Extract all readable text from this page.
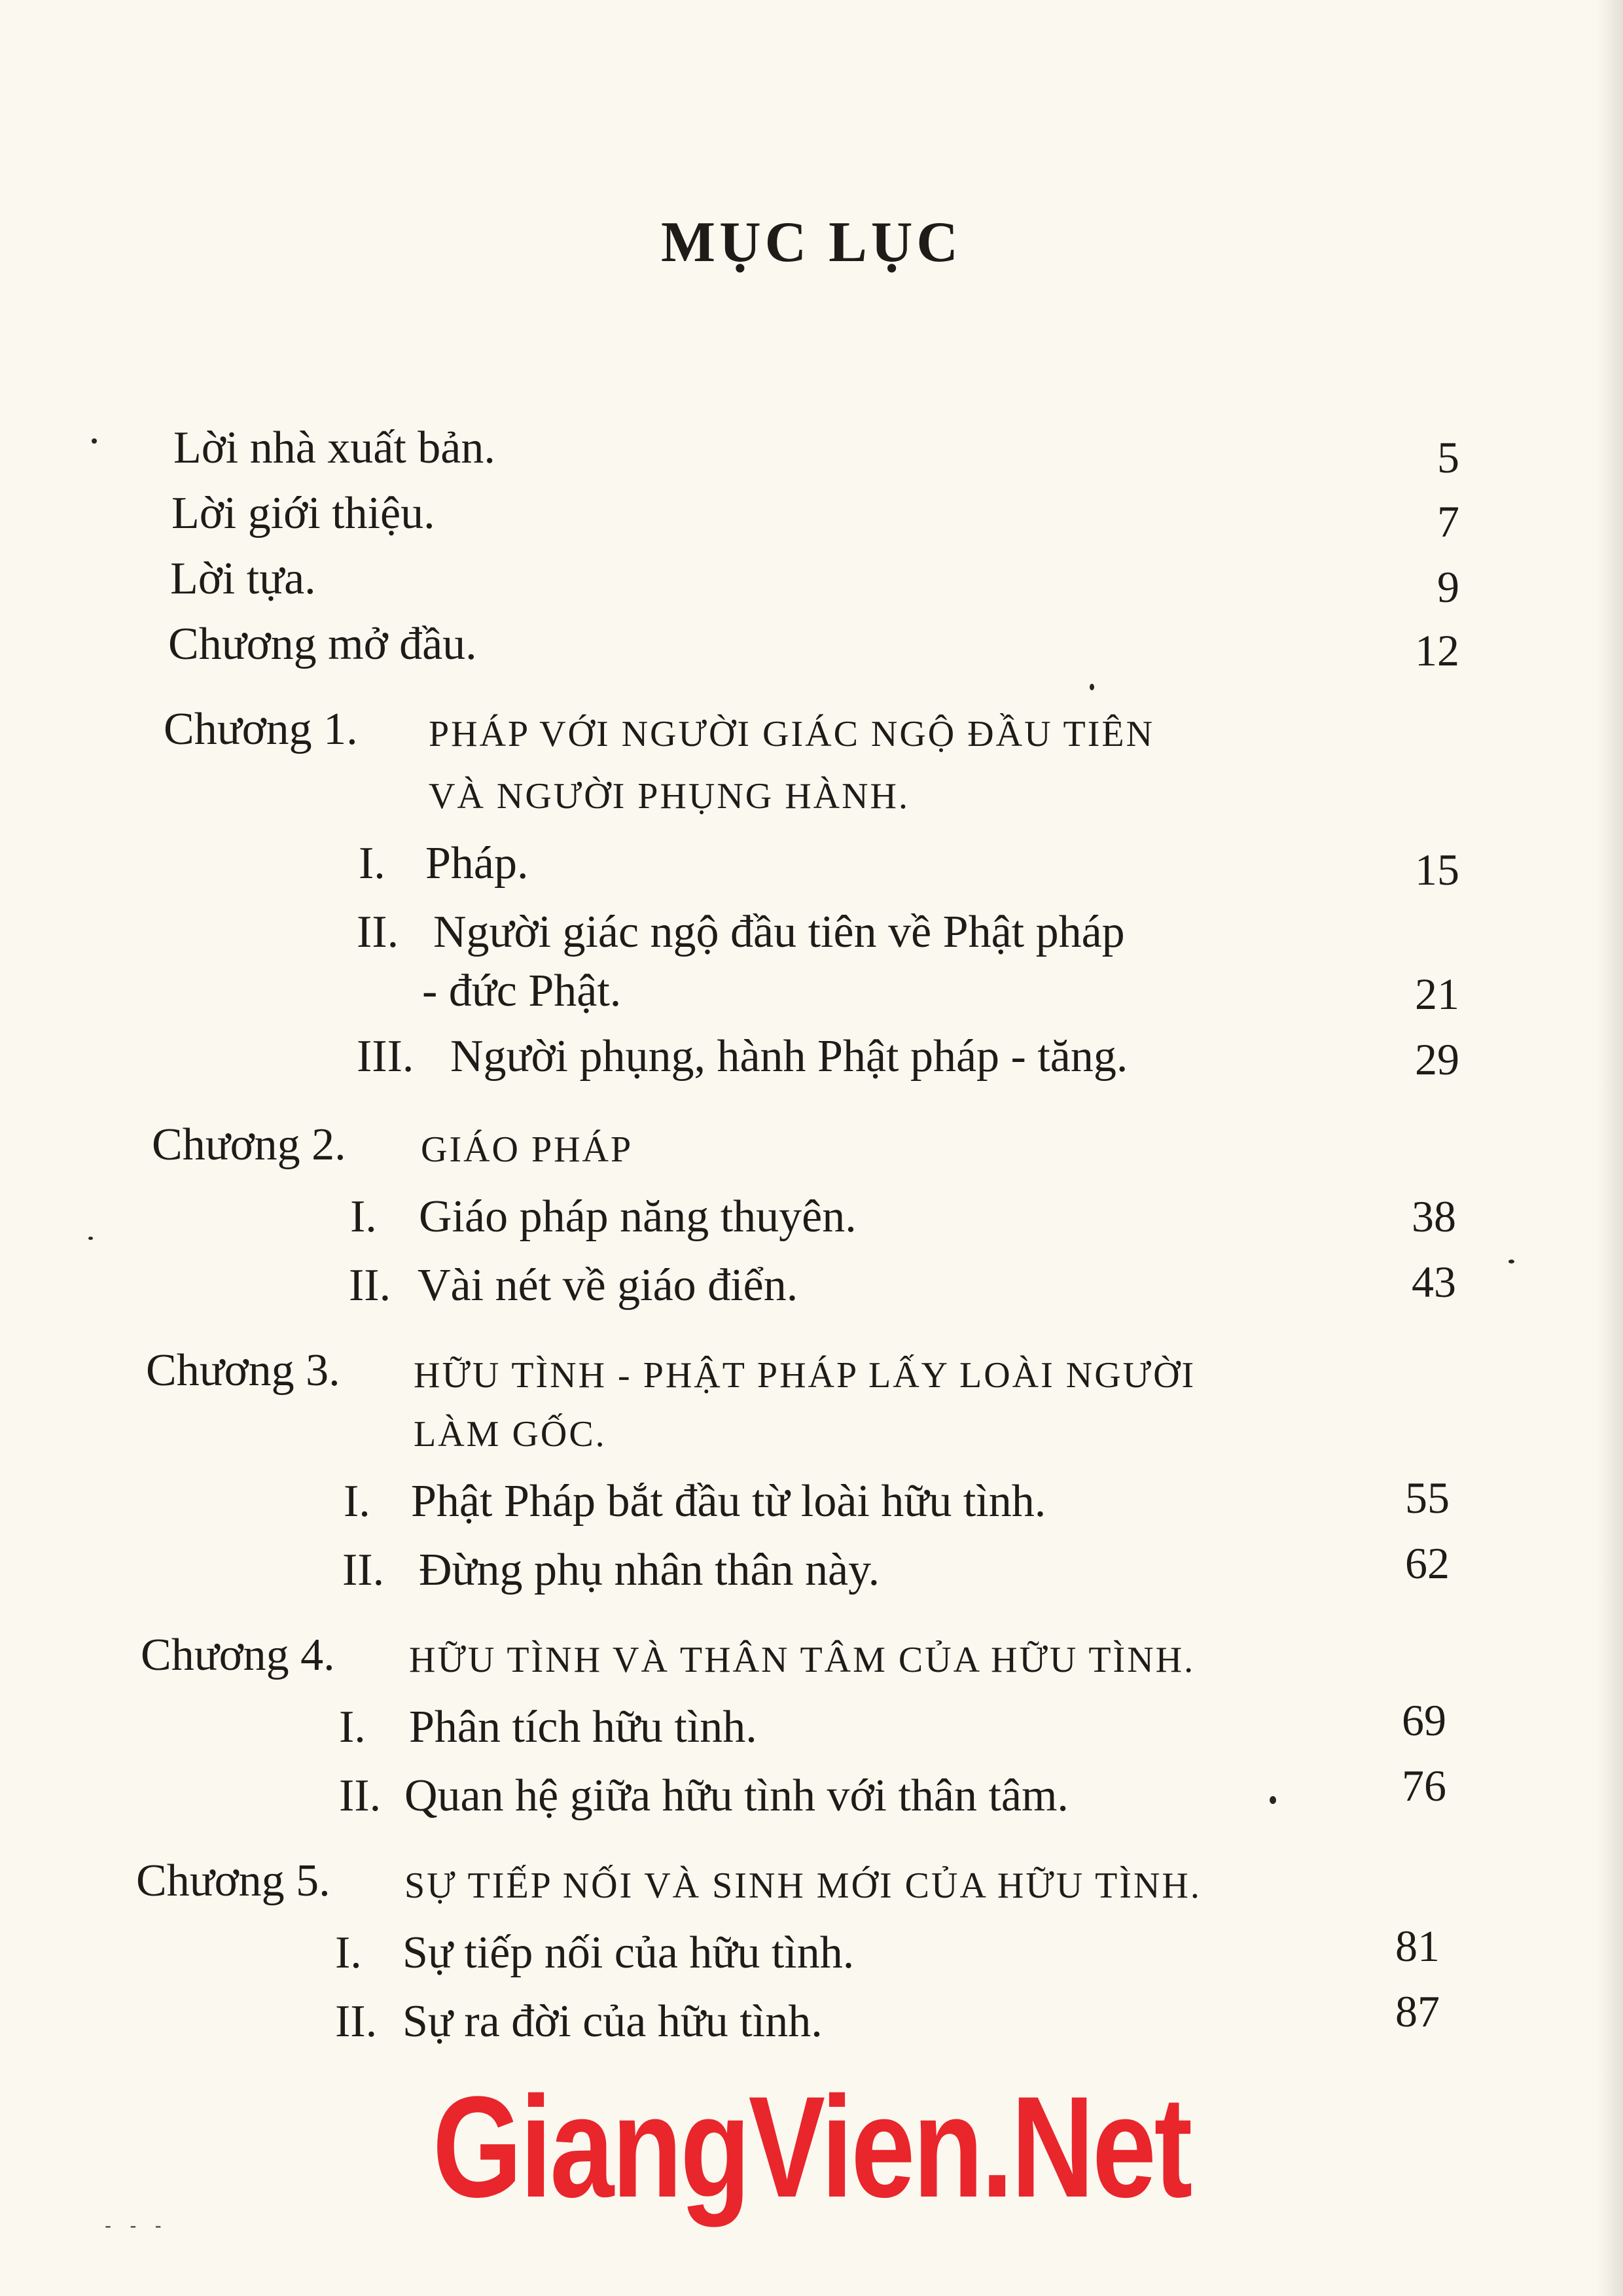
MỤC LỤC
Lời nhà xuất bản.	5
Lời giới thiệu.	7
Lời tựa.	9
Chương mở đầu.	12
Chương 1. PHÁP VỚI NGƯỜI GIÁC NGỘ ĐẦU TIÊN
VÀ NGƯỜI PHỤNG HÀNH.
I. Pháp.	15
II. Người giác ngộ đầu tiên về Phật pháp
- đức Phật.	21
III. Người phụng, hành Phật pháp - tăng.	29
Chương 2. GIÁO PHÁP
I. Giáo pháp năng thuyên.	38
II. Vài nét về giáo điển.	43
Chương 3. HỮU TÌNH - PHẬT PHÁP LẤY LOÀI NGƯỜI
LÀM GỐC.
I. Phật Pháp bắt đầu từ loài hữu tình.	55
II. Đừng phụ nhân thân này.	62
Chương 4. HỮU TÌNH VÀ THÂN TÂM CỦA HỮU TÌNH.
I. Phân tích hữu tình.	69
II. Quan hệ giữa hữu tình với thân tâm.	76
Chương 5. SỰ TIẾP NỐI VÀ SINH MỚI CỦA HỮU TÌNH.
I. Sự tiếp nối của hữu tình.	81
II. Sự ra đời của hữu tình.	87
GiangVien.Net
- - -
